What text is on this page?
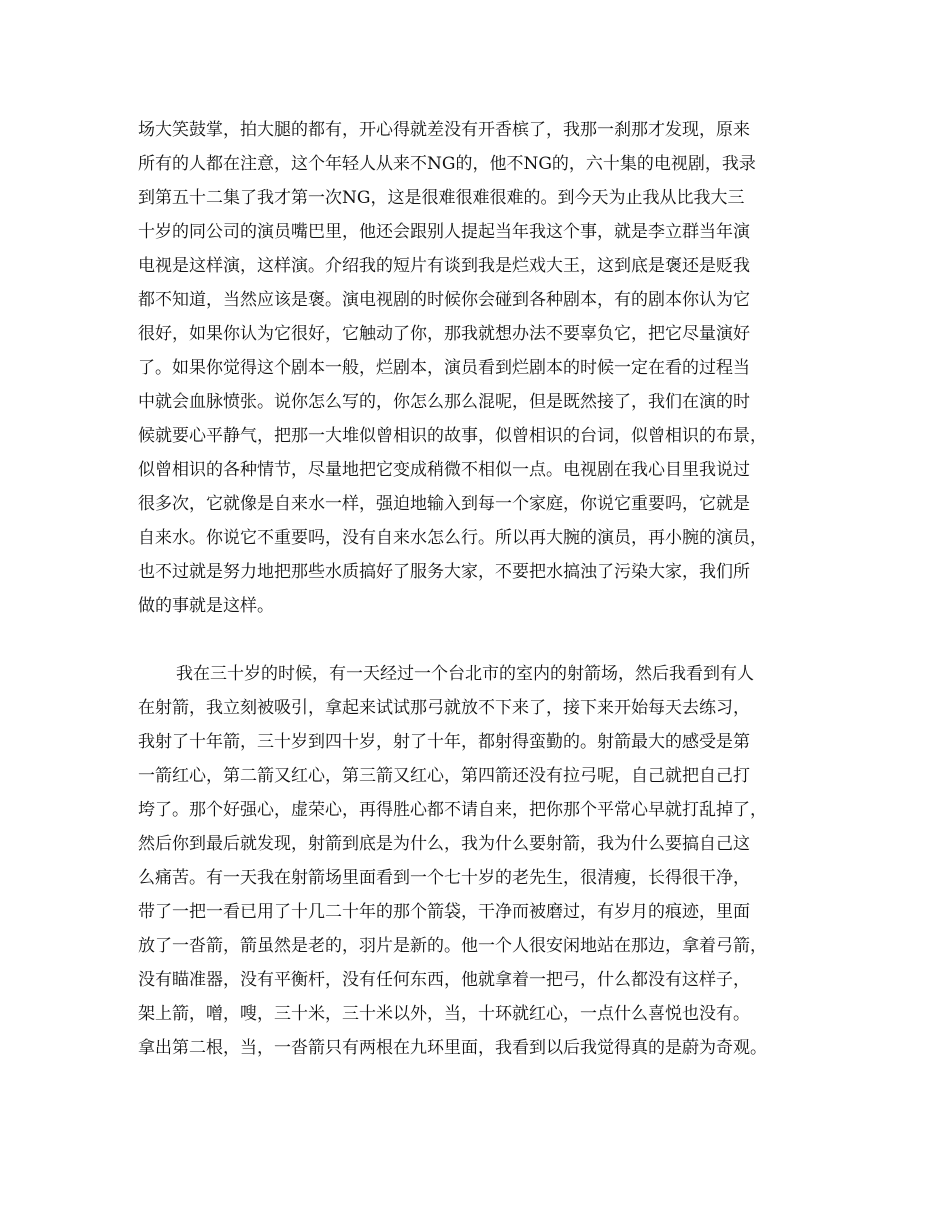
场大笑鼓掌，拍大腿的都有，开心得就差没有开香槟了，我那一刹那才发现，原来
所有的人都在注意，这个年轻人从来不NG的，他不NG的，六十集的电视剧，我录
到第五十二集了我才第一次NG，这是很难很难很难的。到今天为止我从比我大三
十岁的同公司的演员嘴巴里，他还会跟别人提起当年我这个事，就是李立群当年演
电视是这样演，这样演。介绍我的短片有谈到我是烂戏大王，这到底是褒还是贬我
都不知道，当然应该是褒。演电视剧的时候你会碰到各种剧本，有的剧本你认为它
很好，如果你认为它很好，它触动了你，那我就想办法不要辜负它，把它尽量演好
了。如果你觉得这个剧本一般，烂剧本，演员看到烂剧本的时候一定在看的过程当
中就会血脉愤张。说你怎么写的，你怎么那么混呢，但是既然接了，我们在演的时
候就要心平静气，把那一大堆似曾相识的故事，似曾相识的台词，似曾相识的布景，
似曾相识的各种情节，尽量地把它变成稍微不相似一点。电视剧在我心目里我说过
很多次，它就像是自来水一样，强迫地输入到每一个家庭，你说它重要吗，它就是
自来水。你说它不重要吗，没有自来水怎么行。所以再大腕的演员，再小腕的演员，
也不过就是努力地把那些水质搞好了服务大家，不要把水搞浊了污染大家，我们所
做的事就是这样。
我在三十岁的时候，有一天经过一个台北市的室内的射箭场，然后我看到有人
在射箭，我立刻被吸引，拿起来试试那弓就放不下来了，接下来开始每天去练习，
我射了十年箭，三十岁到四十岁，射了十年，都射得蛮勤的。射箭最大的感受是第
一箭红心，第二箭又红心，第三箭又红心，第四箭还没有拉弓呢，自己就把自己打
垮了。那个好强心，虚荣心，再得胜心都不请自来，把你那个平常心早就打乱掉了，
然后你到最后就发现，射箭到底是为什么，我为什么要射箭，我为什么要搞自己这
么痛苦。有一天我在射箭场里面看到一个七十岁的老先生，很清瘦，长得很干净，
带了一把一看已用了十几二十年的那个箭袋，干净而被磨过，有岁月的痕迹，里面
放了一沓箭，箭虽然是老的，羽片是新的。他一个人很安闲地站在那边，拿着弓箭，
没有瞄准器，没有平衡杆，没有任何东西，他就拿着一把弓，什么都没有这样子，
架上箭，噌，嗖，三十米，三十米以外，当，十环就红心，一点什么喜悦也没有。
拿出第二根，当，一沓箭只有两根在九环里面，我看到以后我觉得真的是蔚为奇观。
